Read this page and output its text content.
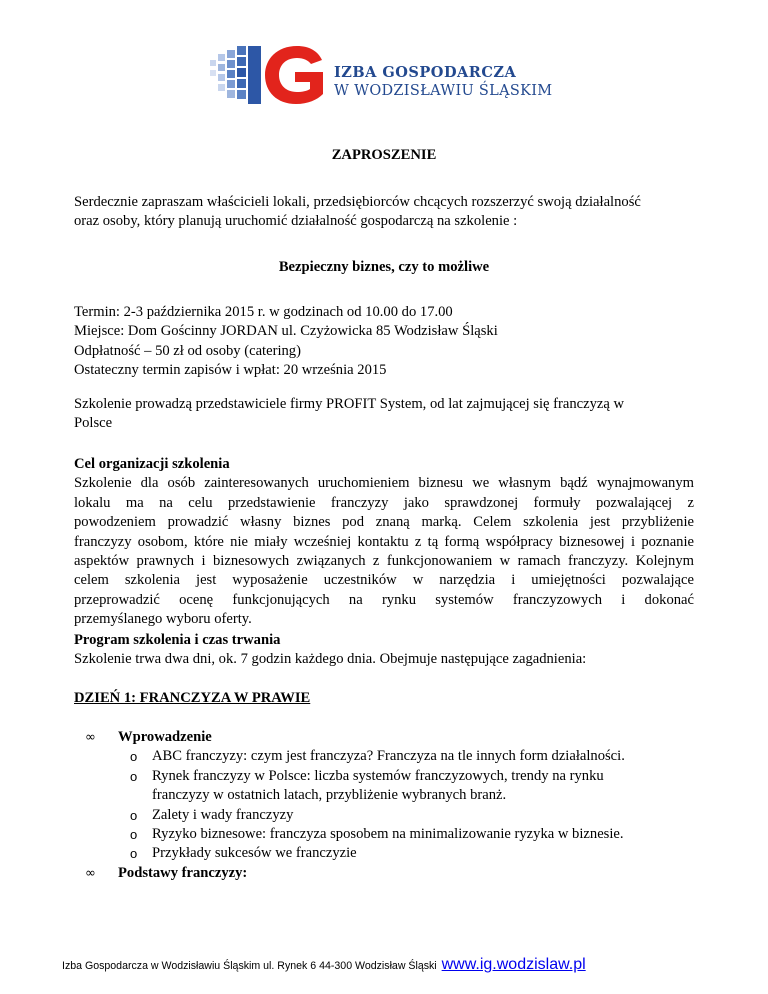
IZBA GOSPODARCZA
W WODZISŁAWIU ŚLĄSKIM
ZAPROSZENIE
Serdecznie zapraszam właścicieli lokali, przedsiębiorców chcących rozszerzyć swoją działalność
oraz osoby, który planują uruchomić działalność gospodarczą na szkolenie :
Bezpieczny biznes, czy to możliwe
Termin: 2-3 października 2015 r. w godzinach od 10.00 do 17.00
Miejsce: Dom Gościnny JORDAN ul. Czyżowicka 85 Wodzisław Śląski
Odpłatność – 50 zł od osoby (catering)
Ostateczny termin zapisów i wpłat: 20 września 2015
Szkolenie prowadzą przedstawiciele firmy PROFIT System, od lat zajmującej się franczyzą w
Polsce
Cel organizacji szkolenia
Szkolenie dla osób zainteresowanych uruchomieniem biznesu we własnym bądź wynajmowanym
lokalu ma na celu przedstawienie franczyzy jako sprawdzonej formuły pozwalającej z
powodzeniem prowadzić własny biznes pod znaną marką. Celem szkolenia jest przybliżenie
franczyzy osobom, które nie miały wcześniej kontaktu z tą formą współpracy biznesowej i poznanie
aspektów prawnych i biznesowych związanych z funkcjonowaniem w ramach franczyzy. Kolejnym
celem szkolenia jest wyposażenie uczestników w narzędzia i umiejętności pozwalające
przeprowadzić ocenę funkcjonujących na rynku systemów franczyzowych i dokonać
przemyślanego wyboru oferty.
Program szkolenia i czas trwania
Szkolenie trwa dwa dni, ok. 7 godzin każdego dnia. Obejmuje następujące zagadnienia:
DZIEŃ 1: FRANCZYZA W PRAWIE
∞ Wprowadzenie
o ABC franczyzy: czym jest franczyza? Franczyza na tle innych form działalności.
o Rynek franczyzy w Polsce: liczba systemów franczyzowych, trendy na rynku
franczyzy w ostatnich latach, przybliżenie wybranych branż.
o Zalety i wady franczyzy
o Ryzyko biznesowe: franczyza sposobem na minimalizowanie ryzyka w biznesie.
o Przykłady sukcesów we franczyzie
∞ Podstawy franczyzy:
Izba Gospodarcza w Wodzisławiu Śląskim ul. Rynek 6 44-300 Wodzisław Śląski www.ig.wodzislaw.pl
